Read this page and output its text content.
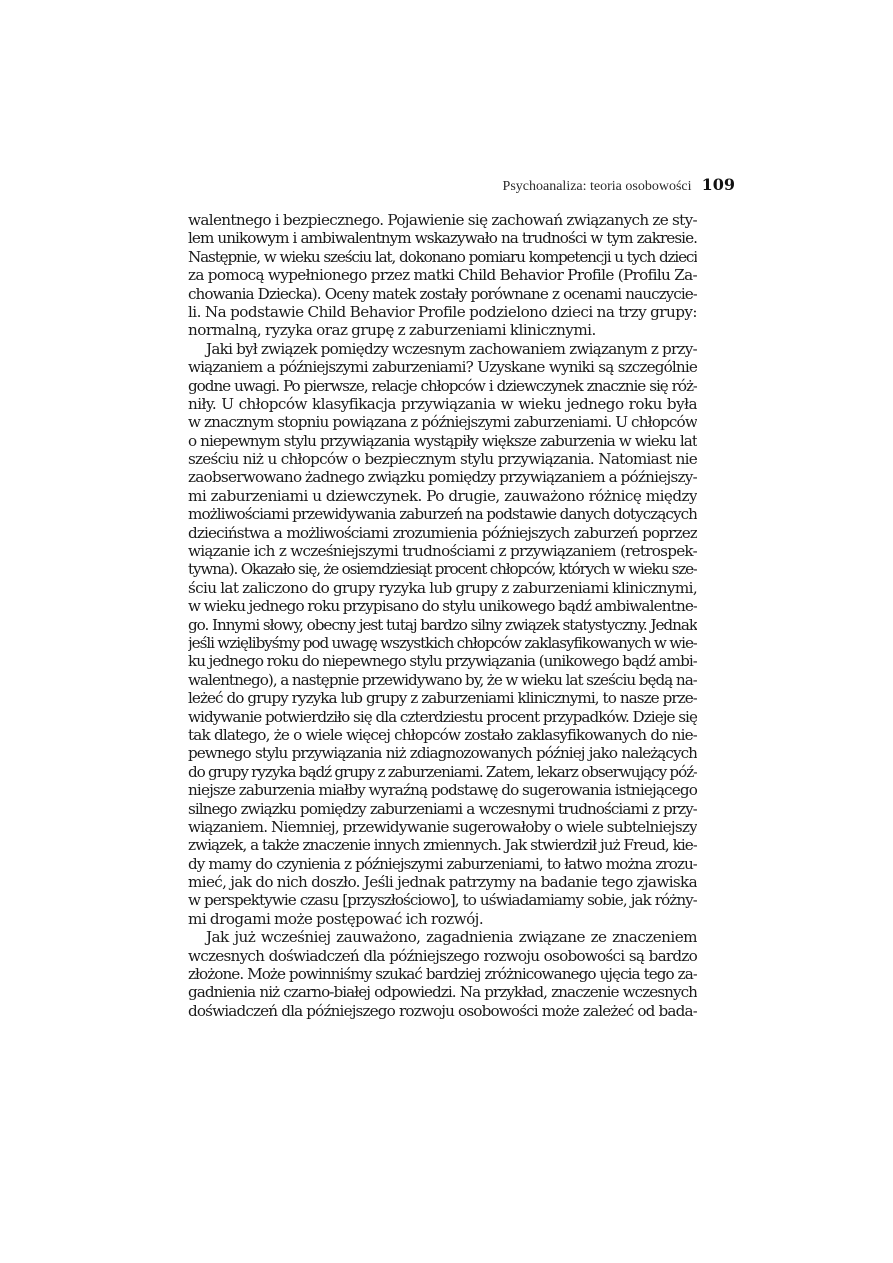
Psychoanaliza: teoria osobowości 109
walentnego i bezpiecznego. Pojawienie się zachowań związanych ze sty-
lem unikowym i ambiwalentnym wskazywało na trudności w tym zakresie.
Następnie, w wieku sześciu lat, dokonano pomiaru kompetencji u tych dzieci
za pomocą wypełnionego przez matki Child Behavior Profile (Profilu Za-
chowania Dziecka). Oceny matek zostały porównane z ocenami nauczycie-
li. Na podstawie Child Behavior Profile podzielono dzieci na trzy grupy:
normalną, ryzyka oraz grupę z zaburzeniami klinicznymi.
Jaki był związek pomiędzy wczesnym zachowaniem związanym z przy-
wiązaniem a późniejszymi zaburzeniami? Uzyskane wyniki są szczególnie
godne uwagi. Po pierwsze, relacje chłopców i dziewczynek znacznie się róż-
niły. U chłopców klasyfikacja przywiązania w wieku jednego roku była
w znacznym stopniu powiązana z późniejszymi zaburzeniami. U chłopców
o niepewnym stylu przywiązania wystąpiły większe zaburzenia w wieku lat
sześciu niż u chłopców o bezpiecznym stylu przywiązania. Natomiast nie
zaobserwowano żadnego związku pomiędzy przywiązaniem a późniejszy-
mi zaburzeniami u dziewczynek. Po drugie, zauważono różnicę między
możliwościami przewidywania zaburzeń na podstawie danych dotyczących
dzieciństwa a możliwościami zrozumienia późniejszych zaburzeń poprzez
wiązanie ich z wcześniejszymi trudnościami z przywiązaniem (retrospek-
tywna). Okazało się, że osiemdziesiąt procent chłopców, których w wieku sze-
ściu lat zaliczono do grupy ryzyka lub grupy z zaburzeniami klinicznymi,
w wieku jednego roku przypisano do stylu unikowego bądź ambiwalentne-
go. Innymi słowy, obecny jest tutaj bardzo silny związek statystyczny. Jednak
jeśli wzięlibyśmy pod uwagę wszystkich chłopców zaklasyfikowanych w wie-
ku jednego roku do niepewnego stylu przywiązania (unikowego bądź ambi-
walentnego), a następnie przewidywano by, że w wieku lat sześciu będą na-
leżeć do grupy ryzyka lub grupy z zaburzeniami klinicznymi, to nasze prze-
widywanie potwierdziło się dla czterdziestu procent przypadków. Dzieje się
tak dlatego, że o wiele więcej chłopców zostało zaklasyfikowanych do nie-
pewnego stylu przywiązania niż zdiagnozowanych później jako należących
do grupy ryzyka bądź grupy z zaburzeniami. Zatem, lekarz obserwujący póź-
niejsze zaburzenia miałby wyraźną podstawę do sugerowania istniejącego
silnego związku pomiędzy zaburzeniami a wczesnymi trudnościami z przy-
wiązaniem. Niemniej, przewidywanie sugerowałoby o wiele subtelniejszy
związek, a także znaczenie innych zmiennych. Jak stwierdził już Freud, kie-
dy mamy do czynienia z późniejszymi zaburzeniami, to łatwo można zrozu-
mieć, jak do nich doszło. Jeśli jednak patrzymy na badanie tego zjawiska
w perspektywie czasu [przyszłościowo], to uświadamiamy sobie, jak różny-
mi drogami może postępować ich rozwój.
Jak już wcześniej zauważono, zagadnienia związane ze znaczeniem
wczesnych doświadczeń dla późniejszego rozwoju osobowości są bardzo
złożone. Może powinniśmy szukać bardziej zróżnicowanego ujęcia tego za-
gadnienia niż czarno-białej odpowiedzi. Na przykład, znaczenie wczesnych
doświadczeń dla późniejszego rozwoju osobowości może zależeć od bada-
